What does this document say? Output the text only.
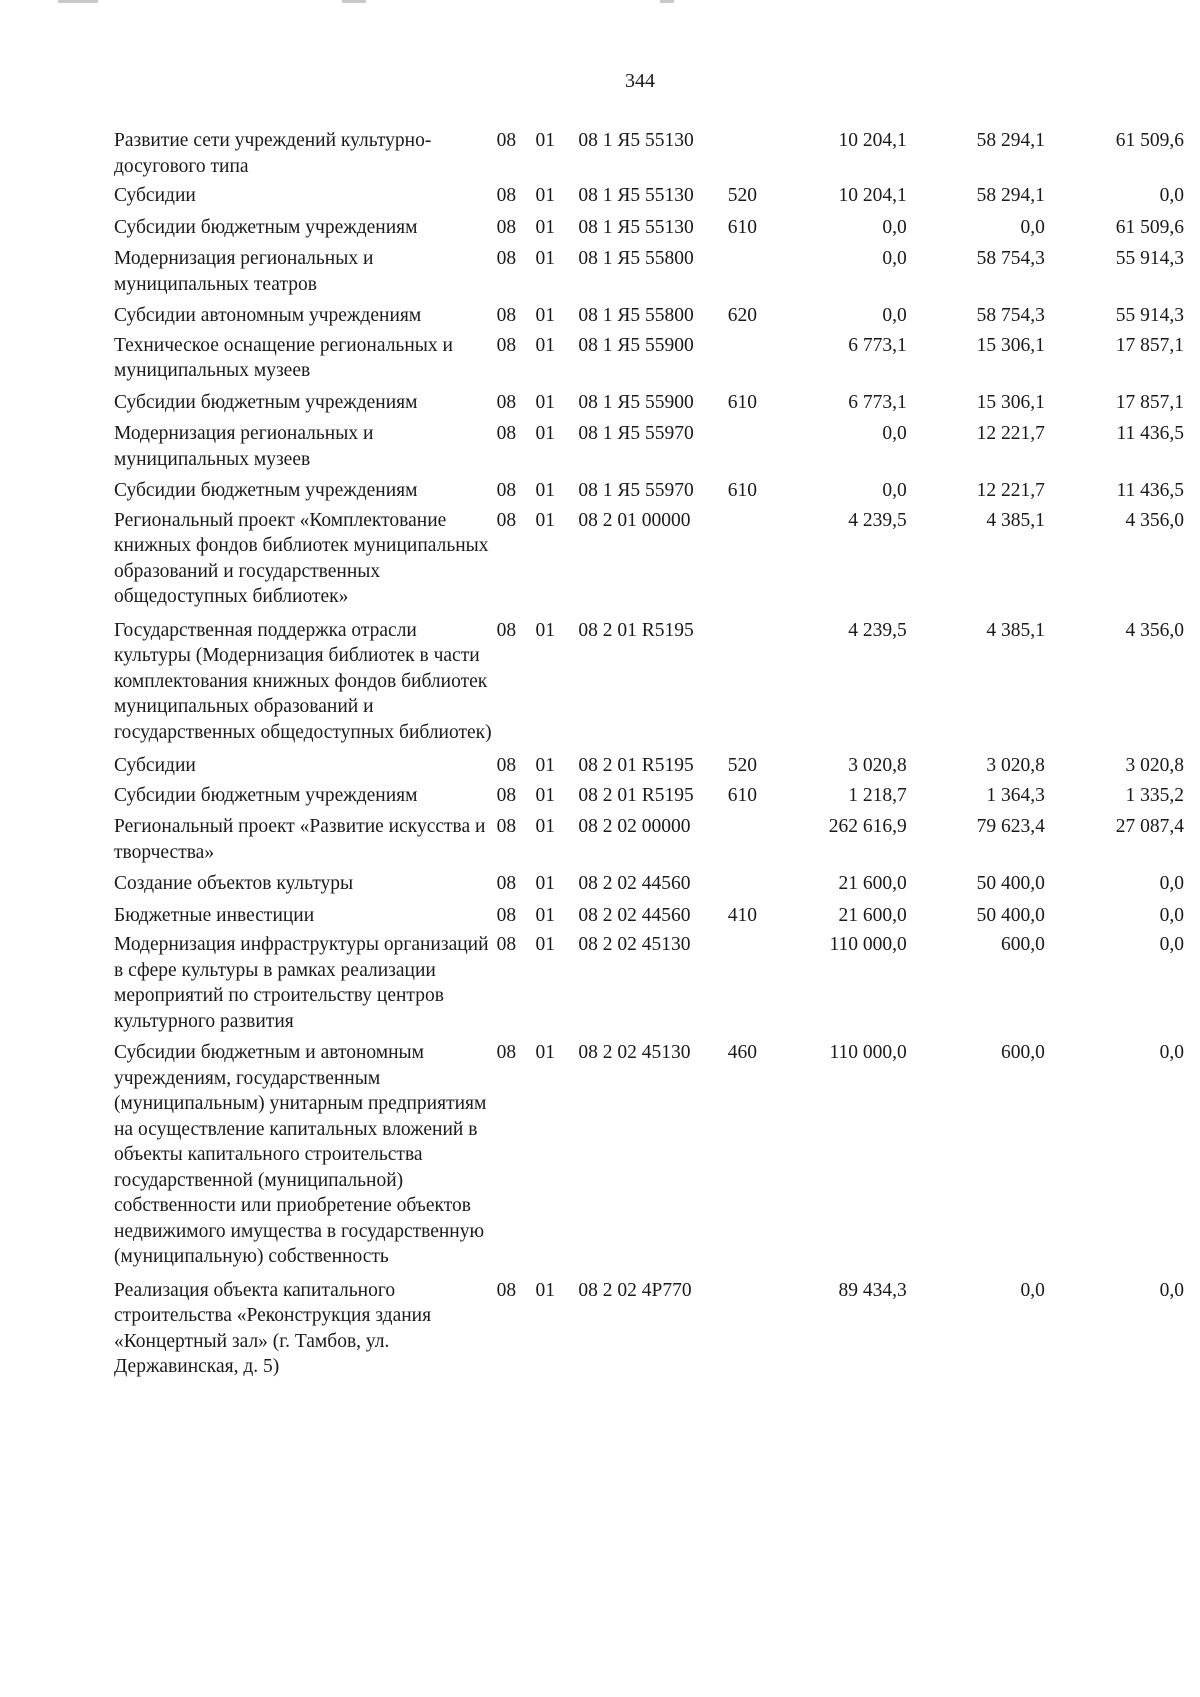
344
Развитие сети учреждений культурно-досугового типа	08	01	08 1 Я5 55130		10 204,1	58 294,1	61 509,6
Субсидии	08	01	08 1 Я5 55130	520	10 204,1	58 294,1	0,0
Субсидии бюджетным учреждениям	08	01	08 1 Я5 55130	610	0,0	0,0	61 509,6
Модернизация региональных и муниципальных театров	08	01	08 1 Я5 55800		0,0	58 754,3	55 914,3
Субсидии автономным учреждениям	08	01	08 1 Я5 55800	620	0,0	58 754,3	55 914,3
Техническое оснащение региональных и муниципальных музеев	08	01	08 1 Я5 55900		6 773,1	15 306,1	17 857,1
Субсидии бюджетным учреждениям	08	01	08 1 Я5 55900	610	6 773,1	15 306,1	17 857,1
Модернизация региональных и муниципальных музеев	08	01	08 1 Я5 55970		0,0	12 221,7	11 436,5
Субсидии бюджетным учреждениям	08	01	08 1 Я5 55970	610	0,0	12 221,7	11 436,5
Региональный проект «Комплектование книжных фондов библиотек муниципальных образований и государственных общедоступных библиотек»	08	01	08 2 01 00000		4 239,5	4 385,1	4 356,0
Государственная поддержка отрасли культуры (Модернизация библиотек в части комплектования книжных фондов библиотек муниципальных образований и государственных общедоступных библиотек)	08	01	08 2 01 R5195		4 239,5	4 385,1	4 356,0
Субсидии	08	01	08 2 01 R5195	520	3 020,8	3 020,8	3 020,8
Субсидии бюджетным учреждениям	08	01	08 2 01 R5195	610	1 218,7	1 364,3	1 335,2
Региональный проект «Развитие искусства и творчества»	08	01	08 2 02 00000		262 616,9	79 623,4	27 087,4
Создание объектов культуры	08	01	08 2 02 44560		21 600,0	50 400,0	0,0
Бюджетные инвестиции	08	01	08 2 02 44560	410	21 600,0	50 400,0	0,0
Модернизация инфраструктуры организаций в сфере культуры в рамках реализации мероприятий по строительству центров культурного развития	08	01	08 2 02 45130		110 000,0	600,0	0,0
Субсидии бюджетным и автономным учреждениям, государственным (муниципальным) унитарным предприятиям на осуществление капитальных вложений в объекты капитального строительства государственной (муниципальной) собственности или приобретение объектов недвижимого имущества в государственную (муниципальную) собственность	08	01	08 2 02 45130	460	110 000,0	600,0	0,0
Реализация объекта капитального строительства «Реконструкция здания «Концертный зал» (г. Тамбов, ул. Державинская, д. 5)	08	01	08 2 02 4Р770		89 434,3	0,0	0,0
